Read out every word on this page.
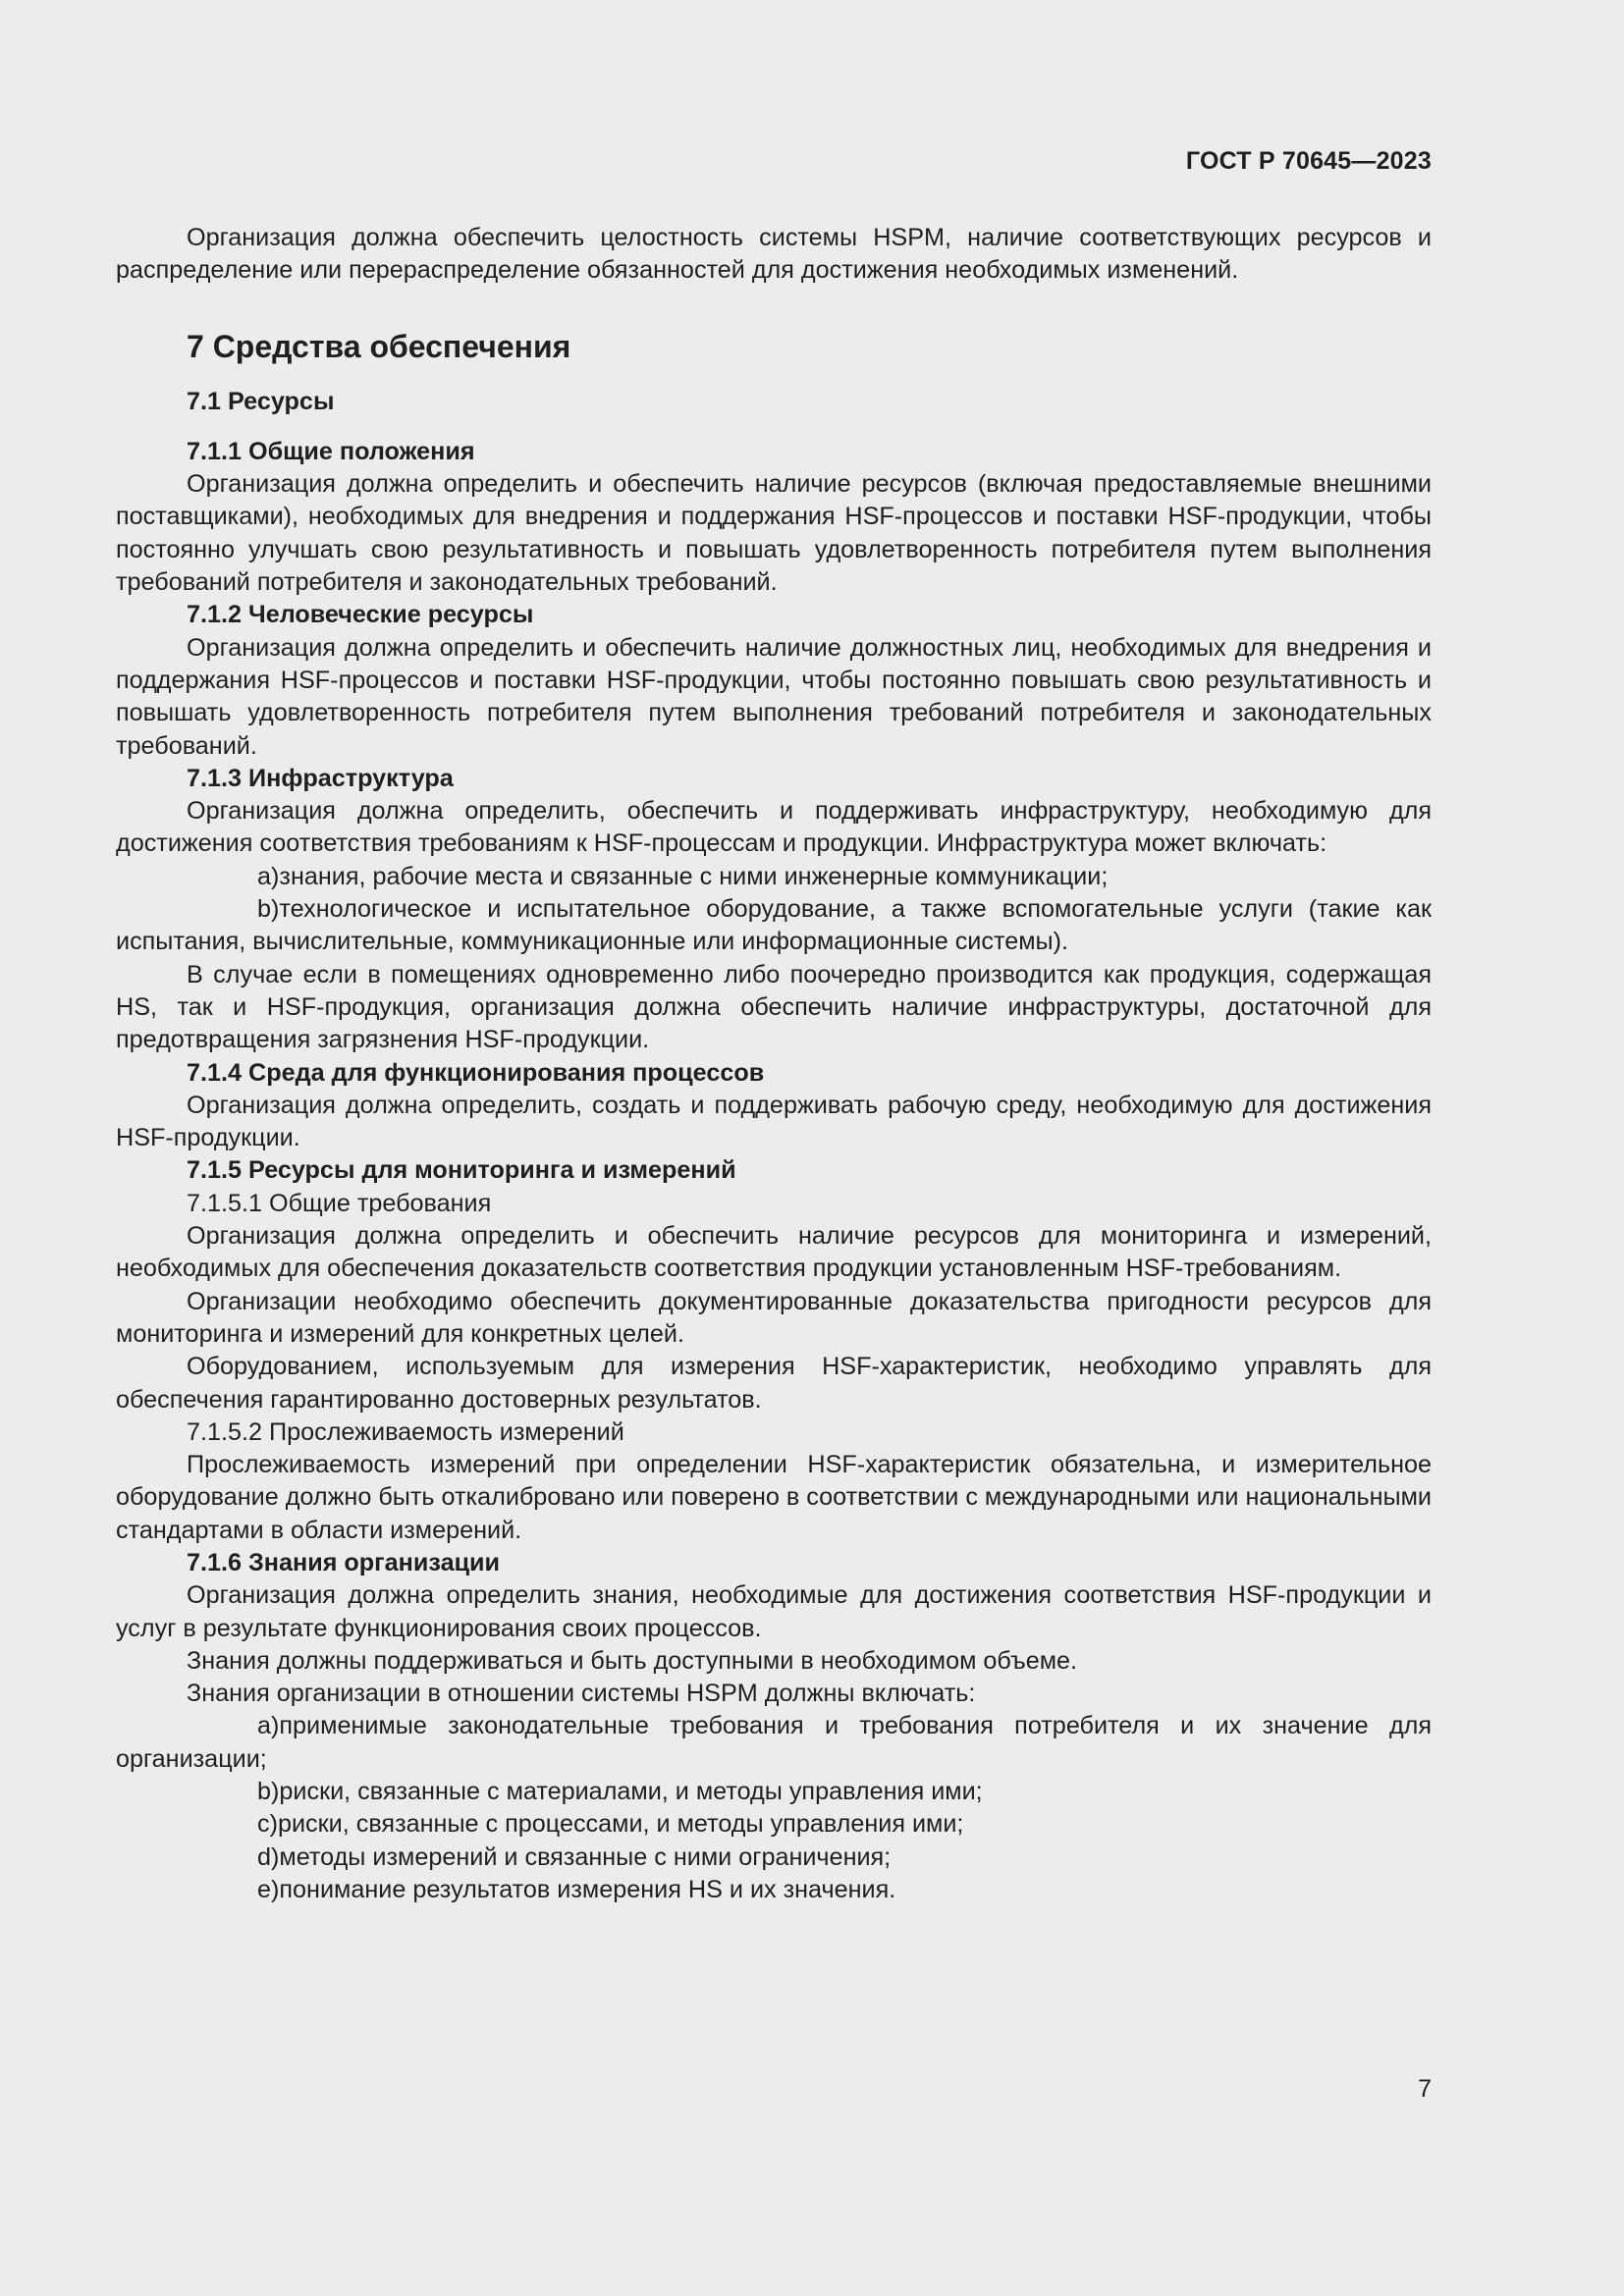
ГОСТ Р 70645—2023

Организация должна обеспечить целостность системы HSPM, наличие соответствующих ресурсов и распределение или перераспределение обязанностей для достижения необходимых изменений.

7 Средства обеспечения
7.1 Ресурсы
7.1.1 Общие положения

Организация должна определить и обеспечить наличие ресурсов (включая предоставляемые внешними поставщиками), необходимых для внедрения и поддержания HSF-процессов и поставки HSF-продукции, чтобы постоянно улучшать свою результативность и повышать удовлетворенность потребителя путем выполнения требований потребителя и законодательных требований.

7.1.2 Человеческие ресурсы

Организация должна определить и обеспечить наличие должностных лиц, необходимых для внедрения и поддержания HSF-процессов и поставки HSF-продукции, чтобы постоянно повышать свою результативность и повышать удовлетворенность потребителя путем выполнения требований потребителя и законодательных требований.

7.1.3 Инфраструктура

Организация должна определить, обеспечить и поддерживать инфраструктуру, необходимую для достижения соответствия требованиям к HSF-процессам и продукции. Инфраструктура может включать:

a)знания, рабочие места и связанные с ними инженерные коммуникации;

b)технологическое и испытательное оборудование, а также вспомогательные услуги (такие как испытания, вычислительные, коммуникационные или информационные системы).

В случае если в помещениях одновременно либо поочередно производится как продукция, содержащая HS, так и HSF-продукция, организация должна обеспечить наличие инфраструктуры, достаточной для предотвращения загрязнения HSF-продукции.

7.1.4 Среда для функционирования процессов

Организация должна определить, создать и поддерживать рабочую среду, необходимую для достижения HSF-продукции.

7.1.5 Ресурсы для мониторинга и измерений
7.1.5.1 Общие требования

Организация должна определить и обеспечить наличие ресурсов для мониторинга и измерений, необходимых для обеспечения доказательств соответствия продукции установленным HSF-требованиям.

Организации необходимо обеспечить документированные доказательства пригодности ресурсов для мониторинга и измерений для конкретных целей.

Оборудованием, используемым для измерения HSF-характеристик, необходимо управлять для обеспечения гарантированно достоверных результатов.

7.1.5.2 Прослеживаемость измерений

Прослеживаемость измерений при определении HSF-характеристик обязательна, и измерительное оборудование должно быть откалибровано или поверено в соответствии с международными или национальными стандартами в области измерений.

7.1.6 Знания организации

Организация должна определить знания, необходимые для достижения соответствия HSF-продукции и услуг в результате функционирования своих процессов.

Знания должны поддерживаться и быть доступными в необходимом объеме.

Знания организации в отношении системы HSPM должны включать:

a)применимые законодательные требования и требования потребителя и их значение для организации;

b)риски, связанные с материалами, и методы управления ими;

c)риски, связанные с процессами, и методы управления ими;

d)методы измерений и связанные с ними ограничения;

e)понимание результатов измерения HS и их значения.

7
